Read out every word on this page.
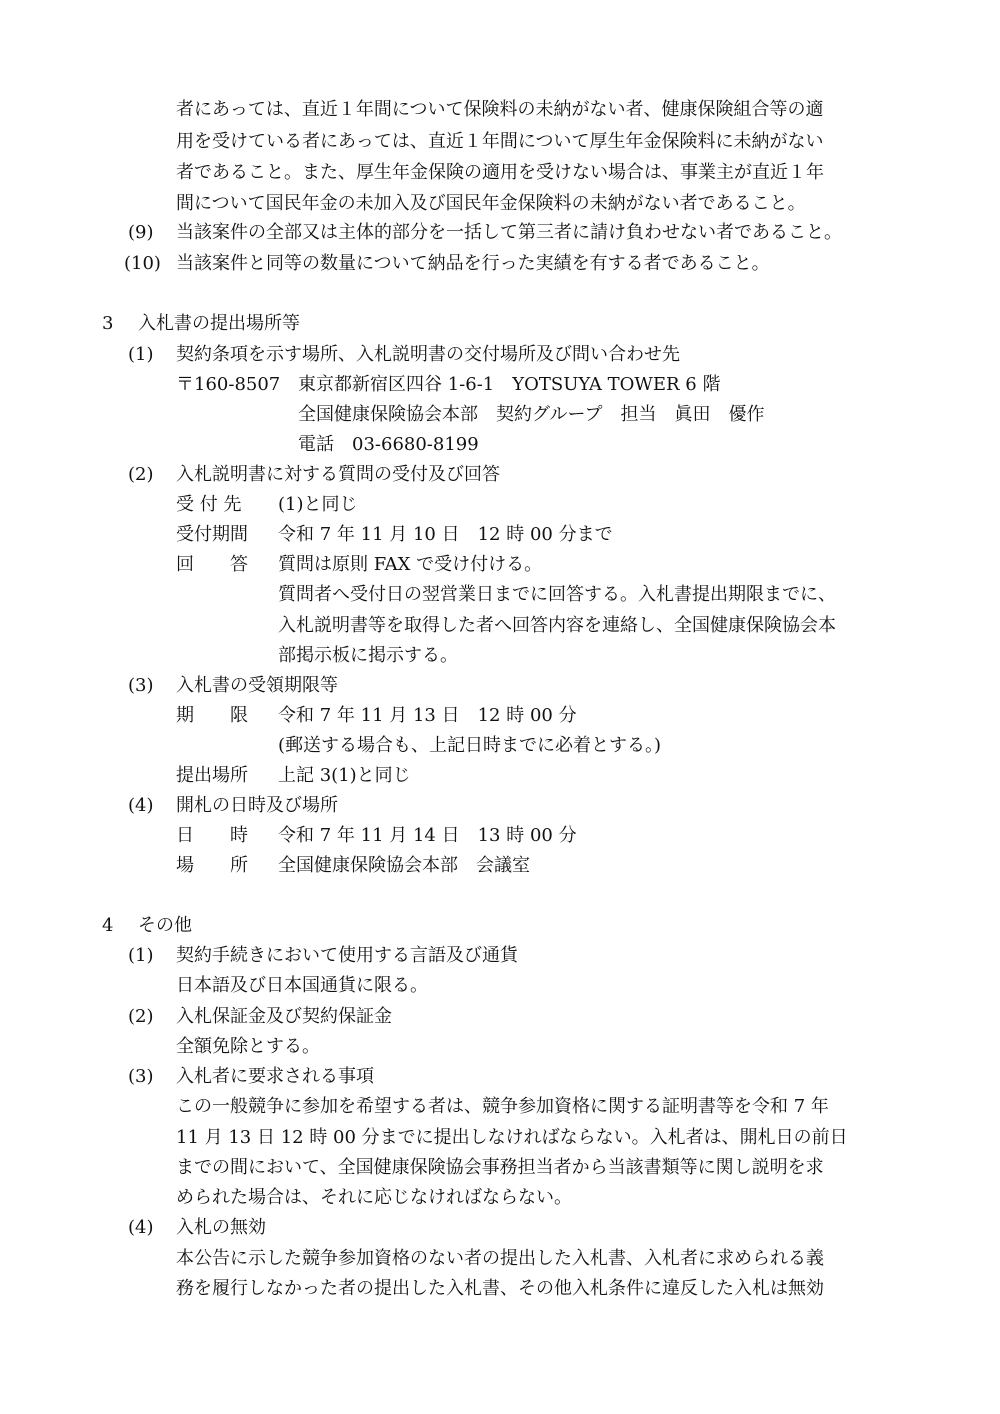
者にあっては、直近１年間について保険料の未納がない者、健康保険組合等の適
用を受けている者にあっては、直近１年間について厚生年金保険料に未納がない
者であること。また、厚生年金保険の適用を受けない場合は、事業主が直近１年
間について国民年金の未加入及び国民年金保険料の未納がない者であること。
(9) 当該案件の全部又は主体的部分を一括して第三者に請け負わせない者であること。
(10) 当該案件と同等の数量について納品を行った実績を有する者であること。
3 入札書の提出場所等
(1) 契約条項を示す場所、入札説明書の交付場所及び問い合わせ先
〒160-8507 東京都新宿区四谷 1-6-1　YOTSUYA TOWER 6 階
全国健康保険協会本部　契約グループ　担当　眞田　優作
電話　03-6680-8199
(2) 入札説明書に対する質問の受付及び回答
受 付 先 (1)と同じ
受付期間 令和 7 年 11 月 10 日　12 時 00 分まで
回　　答 質問は原則 FAX で受け付ける。
質問者へ受付日の翌営業日までに回答する。入札書提出期限までに、
入札説明書等を取得した者へ回答内容を連絡し、全国健康保険協会本
部掲示板に掲示する。
(3) 入札書の受領期限等
期　　限 令和 7 年 11 月 13 日　12 時 00 分
(郵送する場合も、上記日時までに必着とする。)
提出場所 上記 3(1)と同じ
(4) 開札の日時及び場所
日　　時 令和 7 年 11 月 14 日　13 時 00 分
場　　所 全国健康保険協会本部　会議室
4 その他
(1) 契約手続きにおいて使用する言語及び通貨
日本語及び日本国通貨に限る。
(2) 入札保証金及び契約保証金
全額免除とする。
(3) 入札者に要求される事項
この一般競争に参加を希望する者は、競争参加資格に関する証明書等を令和 7 年
11 月 13 日 12 時 00 分までに提出しなければならない。入札者は、開札日の前日
までの間において、全国健康保険協会事務担当者から当該書類等に関し説明を求
められた場合は、それに応じなければならない。
(4) 入札の無効
本公告に示した競争参加資格のない者の提出した入札書、入札者に求められる義
務を履行しなかった者の提出した入札書、その他入札条件に違反した入札は無効
